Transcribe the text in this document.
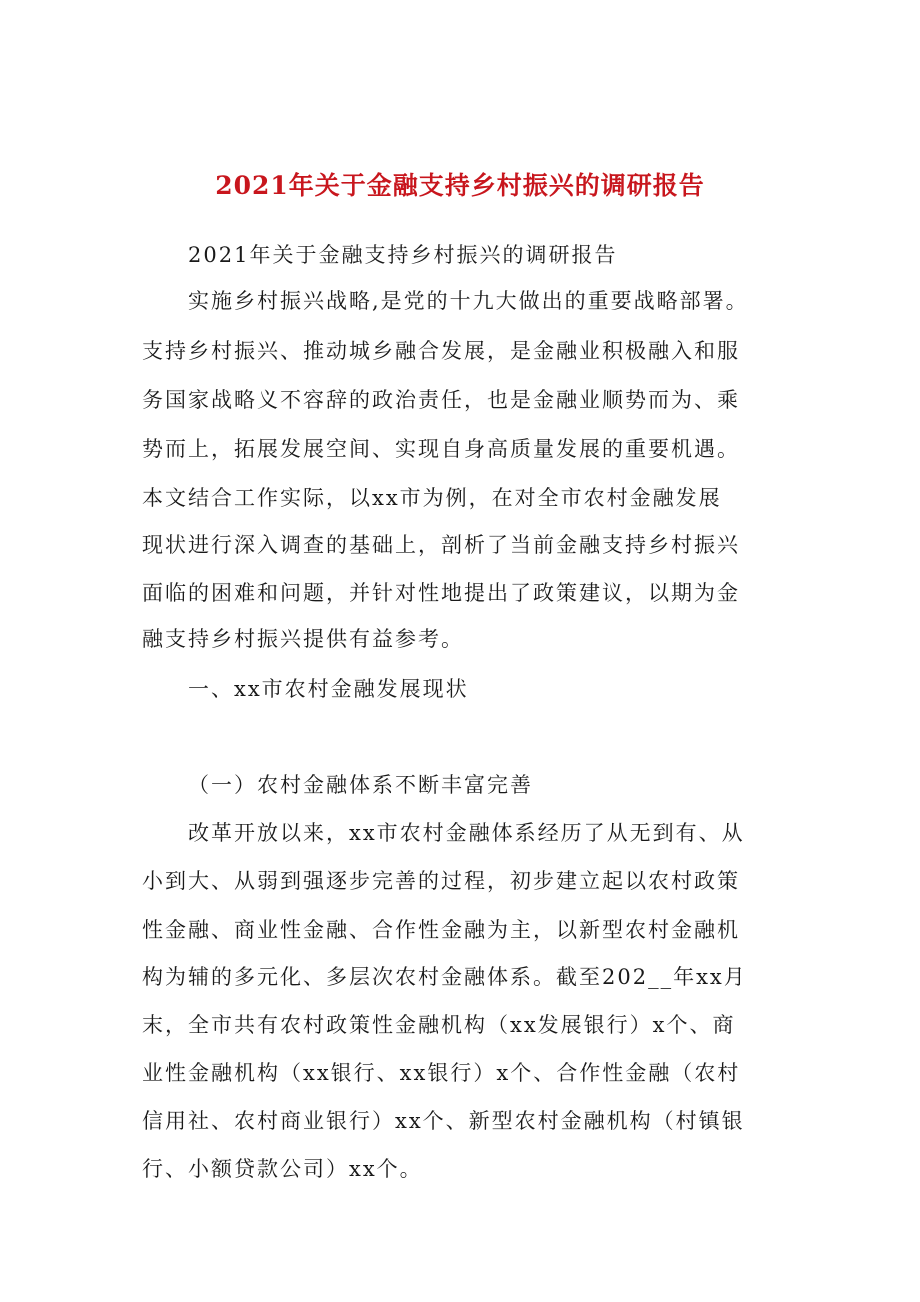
2021年关于金融支持乡村振兴的调研报告

2021年关于金融支持乡村振兴的调研报告

实施乡村振兴战略,是党的十九大做出的重要战略部署。

支持乡村振兴、推动城乡融合发展，是金融业积极融入和服

务国家战略义不容辞的政治责任，也是金融业顺势而为、乘

势而上，拓展发展空间、实现自身高质量发展的重要机遇。

本文结合工作实际，以xx市为例，在对全市农村金融发展

现状进行深入调查的基础上，剖析了当前金融支持乡村振兴

面临的困难和问题，并针对性地提出了政策建议，以期为金

融支持乡村振兴提供有益参考。

一、xx市农村金融发展现状

（一）农村金融体系不断丰富完善

改革开放以来，xx市农村金融体系经历了从无到有、从

小到大、从弱到强逐步完善的过程，初步建立起以农村政策

性金融、商业性金融、合作性金融为主，以新型农村金融机

构为辅的多元化、多层次农村金融体系。截至202__年xx月

末，全市共有农村政策性金融机构（xx发展银行）x个、商

业性金融机构（xx银行、xx银行）x个、合作性金融（农村

信用社、农村商业银行）xx个、新型农村金融机构（村镇银

行、小额贷款公司）xx个。
